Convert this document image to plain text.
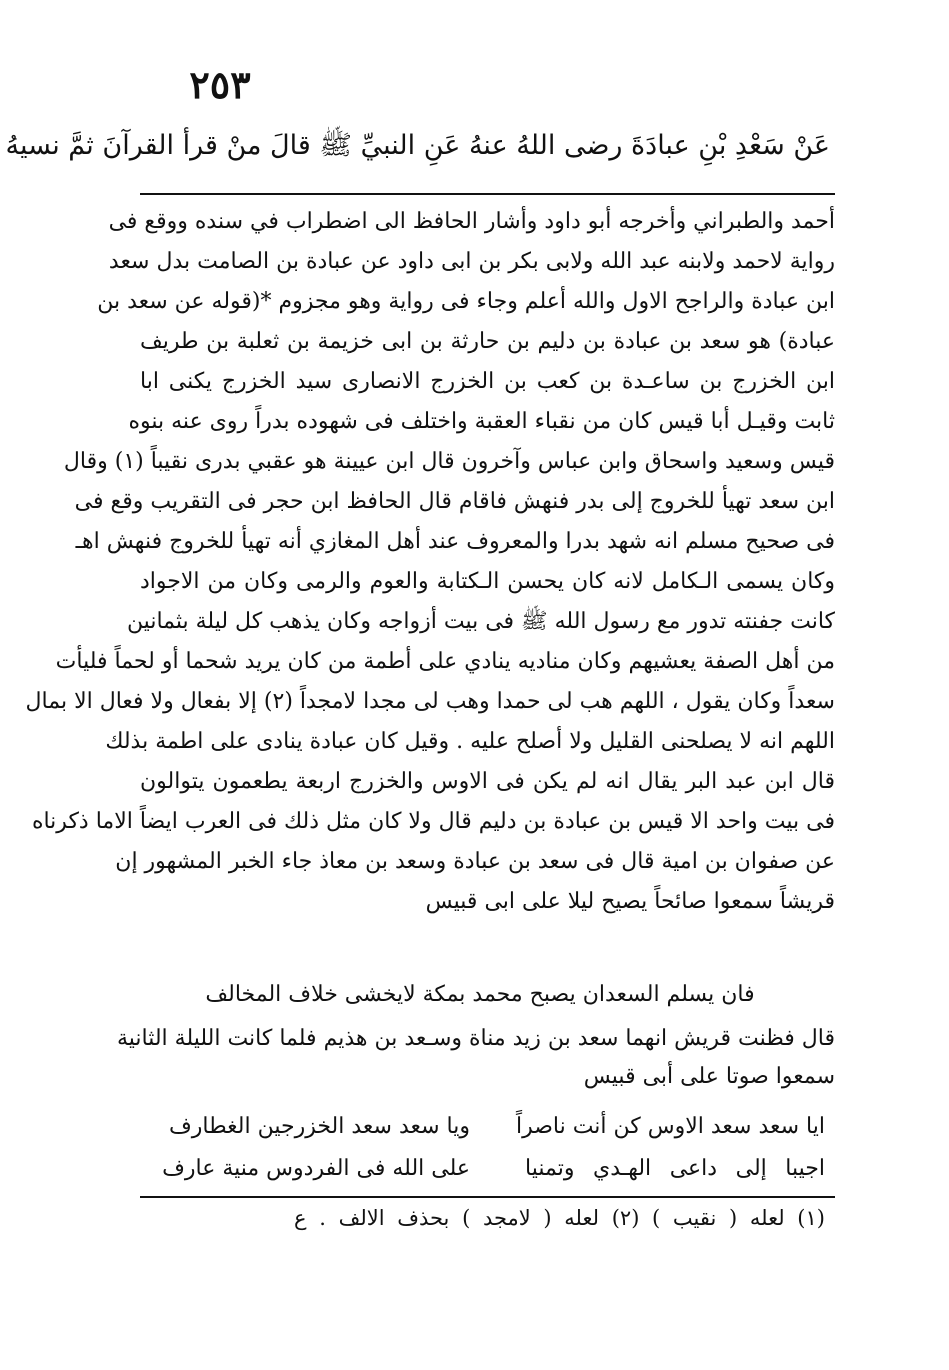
٢٥٣
عَنْ سَعْدِ بْنِ عبادَةَ رضى اللهُ عنهُ عَنِ النبيِّ ﷺ قالَ منْ قرأ القرآنَ ثمَّ نسيهُ
أحمد والطبراني وأخرجه أبو داود وأشار الحافظ الى اضطراب في سنده ووقع فى
رواية لاحمد ولابنه عبد الله ولابى بكر بن ابى داود عن عبادة بن الصامت بدل سعد
ابن عبادة والراجح الاول والله أعلم وجاء فى رواية وهو مجزوم *(قوله عن سعد بن
عبادة) هو سعد بن عبادة بن دليم بن حارثة بن ابى خزيمة بن ثعلبة بن طريف
ابن الخزرج بن ساعـدة بن كعب بن الخزرج الانصارى سيد الخزرج يكنى ابا
ثابت وقيـل أبا قيس كان من نقباء العقبة واختلف فى شهوده بدراً روى عنه بنوه
قيس وسعيد واسحاق وابن عباس وآخرون قال ابن عيينة هو عقبي بدرى نقيباً (١) وقال
ابن سعد تهيأ للخروج إلى بدر فنهش فاقام قال الحافظ ابن حجر فى التقريب وقع فى
فى صحيح مسلم انه شهد بدرا والمعروف عند أهل المغازي أنه تهيأ للخروج فنهش اهـ
وكان يسمى الـكامل لانه كان يحسن الـكتابة والعوم والرمى وكان من الاجواد
كانت جفنته تدور مع رسول الله ﷺ فى بيت أزواجه وكان يذهب كل ليلة بثمانين
من أهل الصفة يعشيهم وكان مناديه ينادي على أطمة من كان يريد شحما أو لحماً فليأت
سعداً وكان يقول ، اللهم هب لى حمدا وهب لى مجدا لامجداً (٢) إلا بفعال ولا فعال الا بمال
اللهم انه لا يصلحنى القليل ولا أصلح عليه . وقيل كان عبادة ينادى على اطمة بذلك
قال ابن عبد البر يقال انه لم يكن فى الاوس والخزرج اربعة يطعمون يتوالون
فى بيت واحد الا قيس بن عبادة بن دليم قال ولا كان مثل ذلك فى العرب ايضاً الاما ذكرناه
عن صفوان بن امية قال فى سعد بن عبادة وسعد بن معاذ جاء الخبر المشهور إن
قريشاً سمعوا صائحاً يصيح ليلا على ابى قبيس
فان يسلم السعدان يصبح محمد بمكة لايخشى خلاف المخالف
قال فظنت قريش انهما سعد بن زيد مناة وسـعد بن هذيم فلما كانت الليلة الثانية
سمعوا صوتا على أبى قبيس
ايا سعد سعد الاوس كن أنت ناصراً
ويا سعد سعد الخزرجين الغطارف
اجيبا إلى داعى الهـدي وتمنيا
على الله فى الفردوس منية عارف
(١) لعله ( نقيب ) (٢) لعله ( لامجد ) بحذف الالف . ع
